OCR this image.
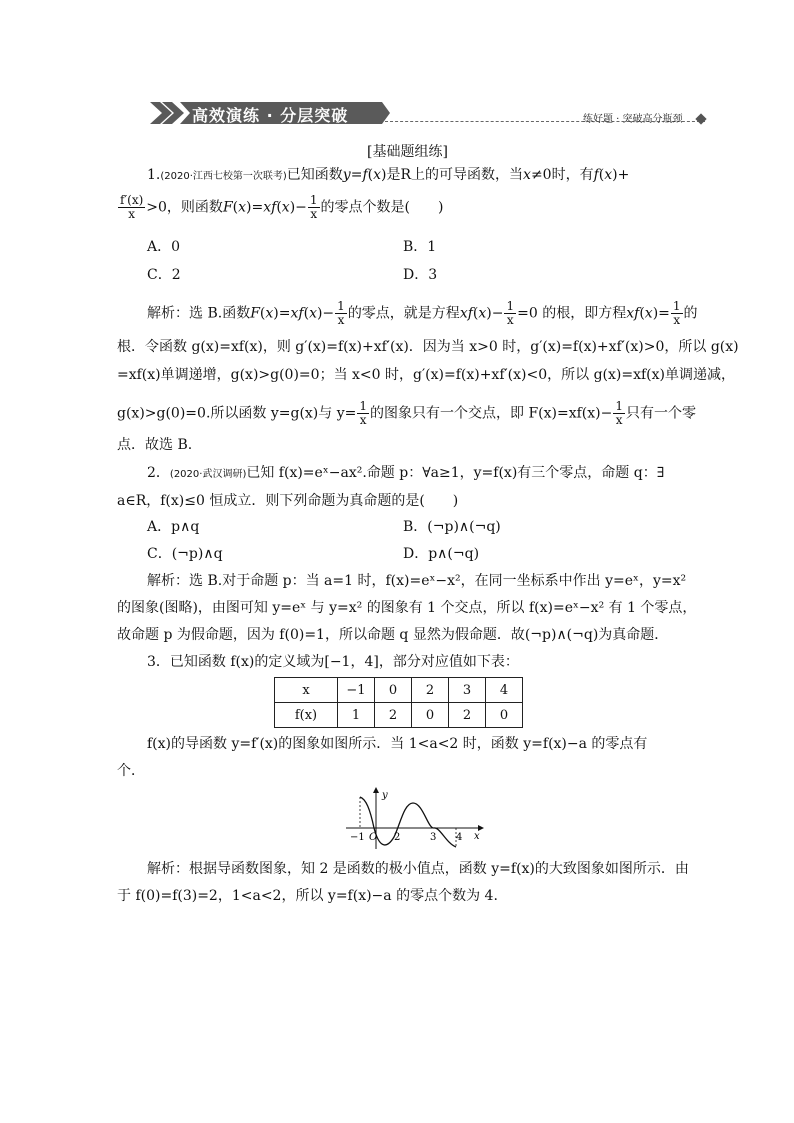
高效演练 · 分层突破	练好题 · 突破高分瓶颈
[基础题组练]
1.(2020·江西七校第一次联考)已知函数y=f(x)是R上的可导函数，当x≠0时，有f(x)+
$\frac{f'(x)}{x} >0$，则函数$F(x)=xf(x)- \frac{1}{x}$ 的零点个数是(　　)
A．0	B．1
C．2	D．3
解析：选 B.函数$F(x)=xf(x)- \frac{1}{x}$ 的零点，就是方程$xf(x)- \frac{1}{x} =0$ 的根，即方程$xf(x)= \frac{1}{x}$ 的
根．令函数 g(x)=xf(x)，则 g′(x)=f(x)+xf′(x)．因为当 x>0 时，g′(x)=f(x)+xf′(x)>0，所以 g(x)
=xf(x)单调递增，g(x)>g(0)=0；当 x<0 时，g′(x)=f(x)+xf′(x)<0，所以 g(x)=xf(x)单调递减，
g(x)>g(0)=0.所以函数 y=g(x)与 $y= \frac{1}{x}$ 的图象只有一个交点，即 $F(x)=xf(x)- \frac{1}{x}$ 只有一个零
点．故选 B.
2．(2020·武汉调研)已知 f(x)=eˣ−ax².命题 p：∀a≥1，y=f(x)有三个零点，命题 q：∃
a∈R，f(x)≤0 恒成立．则下列命题为真命题的是(　　)
A．p∧q	B．(¬p)∧(¬q)
C．(¬p)∧q	D．p∧(¬q)
解析：选 B.对于命题 p：当 a=1 时，f(x)=eˣ−x²，在同一坐标系中作出 y=eˣ，y=x²
的图象(图略)，由图可知 y=eˣ 与 y=x² 的图象有 1 个交点，所以 f(x)=eˣ−x² 有 1 个零点，
故命题 p 为假命题，因为 f(0)=1，所以命题 q 显然为假命题．故(¬p)∧(¬q)为真命题．
3．已知函数 f(x)的定义域为[−1，4]，部分对应值如下表：
x	−1	0	2	3	4
f(x)	1	2	0	2	0
f(x)的导函数 y=f′(x)的图象如图所示．当 1<a<2 时，函数 y=f(x)−a 的零点有
个．
y
−1 O 2	3 4 x
解析：根据导函数图象，知 2 是函数的极小值点，函数 y=f(x)的大致图象如图所示．由
于 f(0)=f(3)=2，1<a<2，所以 y=f(x)−a 的零点个数为 4.
